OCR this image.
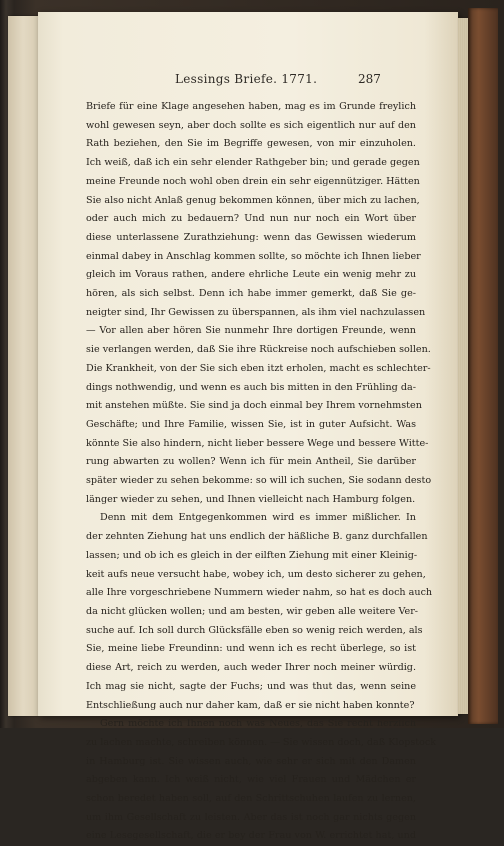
Lessings Briefe. 1771.	287
Briefe für eine Klage angesehen haben, mag es im Grunde freylich
wohl gewesen seyn, aber doch sollte es sich eigentlich nur auf den
Rath beziehen, den Sie im Begriffe gewesen, von mir einzuholen.
Ich weiß, daß ich ein sehr elender Rathgeber bin; und gerade gegen
meine Freunde noch wohl oben drein ein sehr eigennütziger. Hätten
Sie also nicht Anlaß genug bekommen können, über mich zu lachen,
oder auch mich zu bedauern? Und nun nur noch ein Wort über
diese unterlassene Zurathziehung: wenn das Gewissen wiederum
einmal dabey in Anschlag kommen sollte, so möchte ich Ihnen lieber
gleich im Voraus rathen, andere ehrliche Leute ein wenig mehr zu
hören, als sich selbst. Denn ich habe immer gemerkt, daß Sie ge-
neigter sind, Ihr Gewissen zu überspannen, als ihm viel nachzulassen
— Vor allen aber hören Sie nunmehr Ihre dortigen Freunde, wenn
sie verlangen werden, daß Sie ihre Rückreise noch aufschieben sollen.
Die Krankheit, von der Sie sich eben itzt erholen, macht es schlechter-
dings nothwendig, und wenn es auch bis mitten in den Frühling da-
mit anstehen müßte. Sie sind ja doch einmal bey Ihrem vornehmsten
Geschäfte; und Ihre Familie, wissen Sie, ist in guter Aufsicht. Was
könnte Sie also hindern, nicht lieber bessere Wege und bessere Witte-
rung abwarten zu wollen? Wenn ich für mein Antheil, Sie darüber
später wieder zu sehen bekomme: so will ich suchen, Sie sodann desto
länger wieder zu sehen, und Ihnen vielleicht nach Hamburg folgen.
Denn mit dem Entgegenkommen wird es immer mißlicher. In
der zehnten Ziehung hat uns endlich der häßliche B. ganz durchfallen
lassen; und ob ich es gleich in der eilften Ziehung mit einer Kleinig-
keit aufs neue versucht habe, wobey ich, um desto sicherer zu gehen,
alle Ihre vorgeschriebene Nummern wieder nahm, so hat es doch auch
da nicht glücken wollen; und am besten, wir geben alle weitere Ver-
suche auf. Ich soll durch Glücksfälle eben so wenig reich werden, als
Sie, meine liebe Freundinn: und wenn ich es recht überlege, so ist
diese Art, reich zu werden, auch weder Ihrer noch meiner würdig.
Ich mag sie nicht, sagte der Fuchs; und was thut das, wenn seine
Entschließung auch nur daher kam, daß er sie nicht haben konnte?
Gern möchte ich Ihnen noch was Neues, das Sie recht herzlich
zu lachen machte, schreiben können. — Sie wissen doch, daß Klopstock
in Hamburg ist. Sie wissen auch, wie sehr er sich mit den Damen
abgeben kann. Ich weiß nicht, wie viel Frauen und Mädchen er
schon beredet haben soll, auf den Schrittschuhen laufen zu lernen,
um ihm Gesellschaft zu leisten. Aber das ist noch gar nichts gegen
eine Lesegesellschaft, die er bey der Frau von W. errichtet hat, und
